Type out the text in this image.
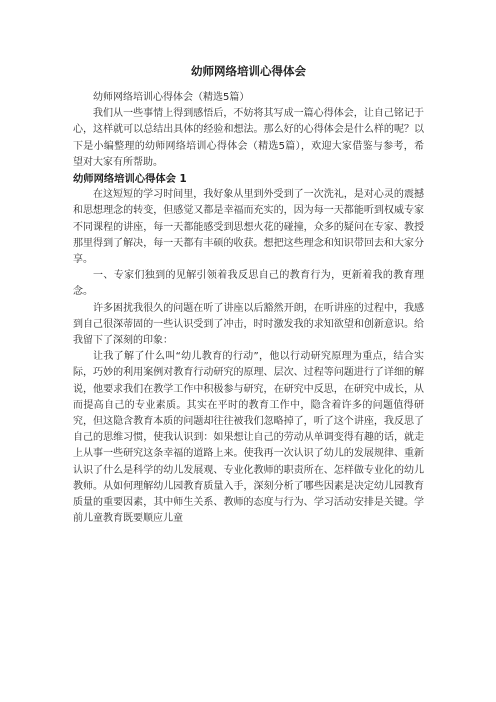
幼师网络培训心得体会

幼师网络培训心得体会（精选5篇）

我们从一些事情上得到感悟后，不妨将其写成一篇心得体会，让自己铭记于心，这样就可以总结出具体的经验和想法。那么好的心得体会是什么样的呢？以下是小编整理的幼师网络培训心得体会（精选5篇），欢迎大家借鉴与参考，希望对大家有所帮助。

幼师网络培训心得体会 1

在这短短的学习时间里，我好象从里到外受到了一次洗礼，是对心灵的震撼和思想理念的转变，但感觉又都是幸福而充实的，因为每一天都能听到权威专家不同课程的讲座，每一天都能感受到思想火花的碰撞，众多的疑问在专家、教授那里得到了解决，每一天都有丰硕的收获。想把这些理念和知识带回去和大家分享。

一、专家们独到的见解引领着我反思自己的教育行为，更新着我的教育理念。

许多困扰我很久的问题在听了讲座以后豁然开朗，在听讲座的过程中，我感到自己很深蒂固的一些认识受到了冲击，时时激发我的求知欲望和创新意识。给我留下了深刻的印象：

让我了解了什么叫“幼儿教育的行动”，他以行动研究原理为重点，结合实际，巧妙的利用案例对教育行动研究的原理、层次、过程等问题进行了详细的解说，他要求我们在教学工作中积极参与研究，在研究中反思，在研究中成长，从而提高自己的专业素质。其实在平时的教育工作中，隐含着许多的问题值得研究，但这隐含教育本质的问题却往往被我们忽略掉了，听了这个讲座，我反思了自己的思维习惯，使我认识到：如果想让自己的劳动从单调变得有趣的话，就走上从事一些研究这条幸福的道路上来。使我再一次认识了幼儿的发展规律、重新认识了什么是科学的幼儿发展观、专业化教师的职责所在、怎样做专业化的幼儿教师。从如何理解幼儿园教育质量入手，深刻分析了哪些因素是决定幼儿园教育质量的重要因素，其中师生关系、教师的态度与行为、学习活动安排是关键。学前儿童教育既要顺应儿童
